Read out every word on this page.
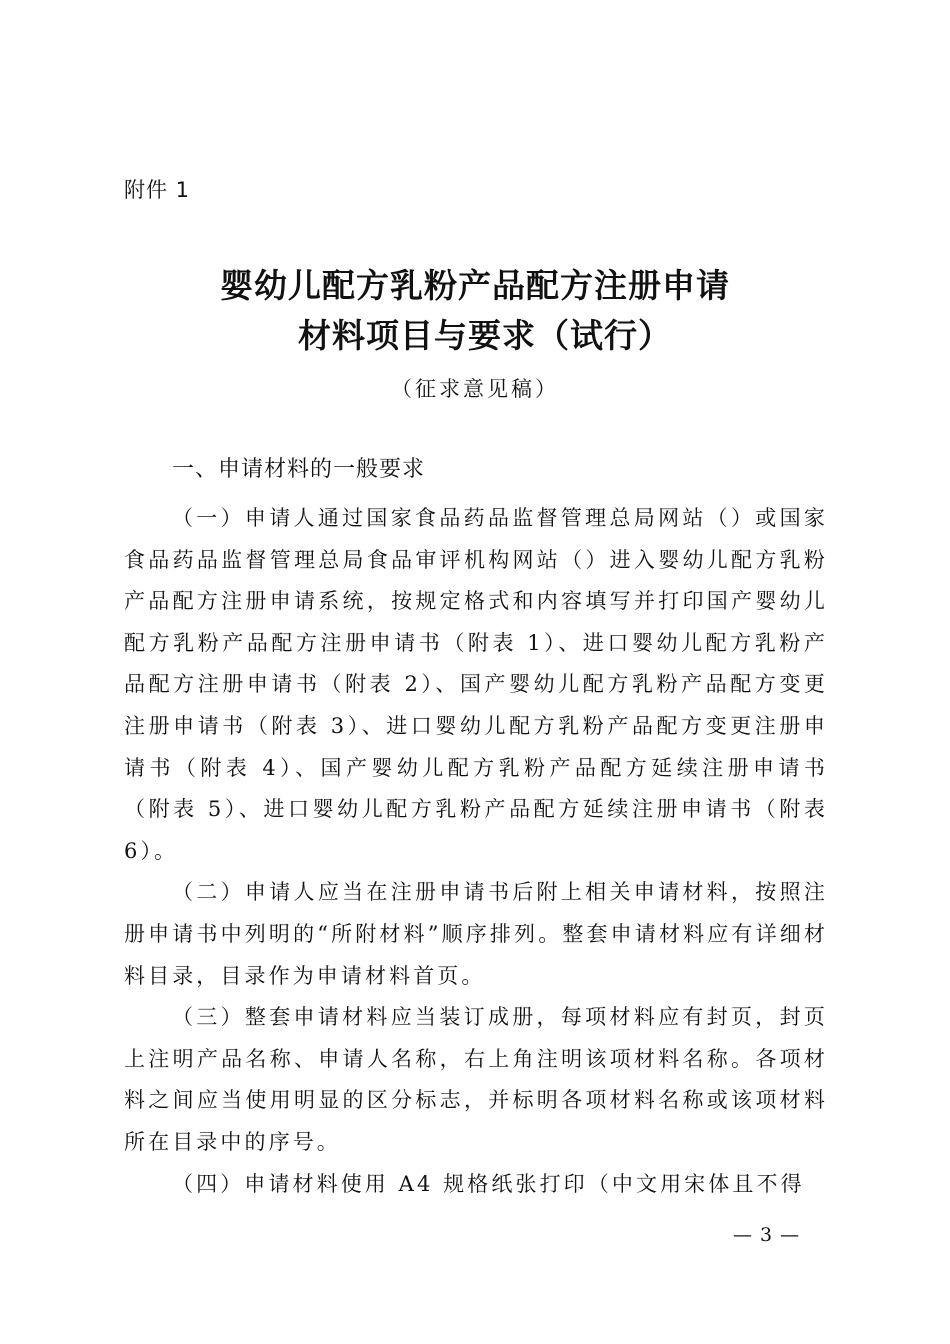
附件 1
婴幼儿配方乳粉产品配方注册申请
材料项目与要求（试行）
（征求意见稿）
一、申请材料的一般要求

（一）申请人通过国家食品药品监督管理总局网站（）或国家食品药品监督管理总局食品审评机构网站（）进入婴幼儿配方乳粉产品配方注册申请系统，按规定格式和内容填写并打印国产婴幼儿配方乳粉产品配方注册申请书（附表 1）、进口婴幼儿配方乳粉产品配方注册申请书（附表 2）、国产婴幼儿配方乳粉产品配方变更注册申请书（附表 3）、进口婴幼儿配方乳粉产品配方变更注册申请书（附表 4）、国产婴幼儿配方乳粉产品配方延续注册申请书（附表 5）、进口婴幼儿配方乳粉产品配方延续注册申请书（附表 6）。

（二）申请人应当在注册申请书后附上相关申请材料，按照注册申请书中列明的“所附材料”顺序排列。整套申请材料应有详细材料目录，目录作为申请材料首页。

（三）整套申请材料应当装订成册，每项材料应有封页，封页上注明产品名称、申请人名称，右上角注明该项材料名称。各项材料之间应当使用明显的区分标志，并标明各项材料名称或该项材料所在目录中的序号。

（四）申请材料使用 A4 规格纸张打印（中文用宋体且不得

— 3 —
